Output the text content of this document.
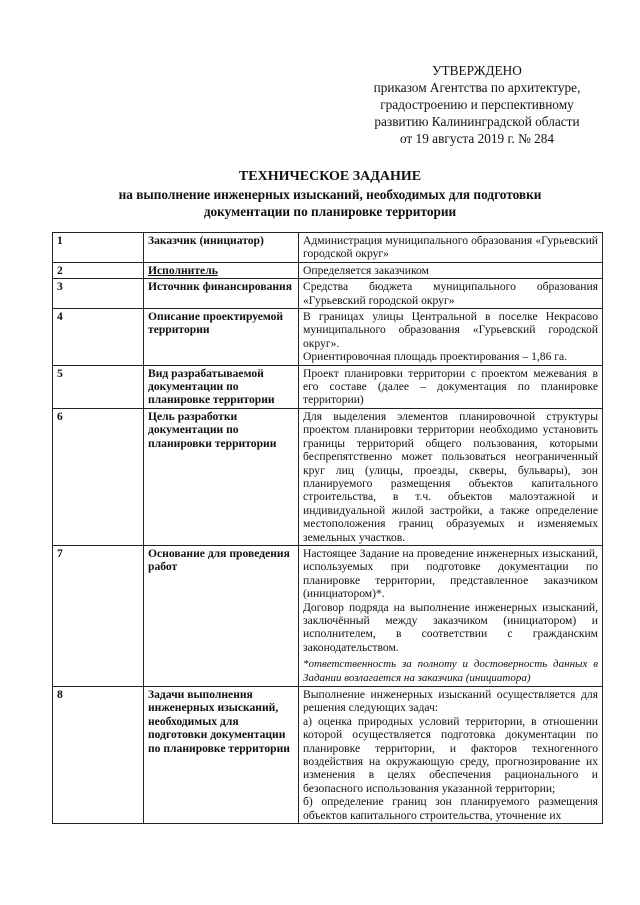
УТВЕРЖДЕНО
приказом Агентства по архитектуре,
градостроению и перспективному
развитию Калининградской области
от 19 августа 2019 г. № 284
ТЕХНИЧЕСКОЕ ЗАДАНИЕ
на выполнение инженерных изысканий, необходимых для подготовки
документации по планировке территории
1	Заказчик (инициатор)	Администрация муниципального образования «Гурьевский городской округ»

2	Исполнитель	Определяется заказчиком

3	Источник финансирования	Средства бюджета муниципального образования «Гурьевский городской округ»

4	Описание проектируемой территории	В границах улицы Центральной в поселке Некрасово муниципального образования «Гурьевский городской округ».

Ориентировочная площадь проектирования – 1,86 га.

5	Вид разрабатываемой документации по планировке территории	Проект планировки территории с проектом межевания в его составе (далее – документация по планировке территории)

6	Цель разработки документации по планировки территории	Для выделения элементов планировочной структуры проектом планировки территории необходимо установить границы территорий общего пользования, которыми беспрепятственно может пользоваться неограниченный круг лиц (улицы, проезды, скверы, бульвары), зон планируемого размещения объектов капитального строительства, в т.ч. объектов малоэтажной и индивидуальной жилой застройки, а также определение местоположения границ образуемых и изменяемых земельных участков.

7	Основание для проведения работ	Настоящее Задание на проведение инженерных изысканий, используемых при подготовке документации по планировке территории, представленное заказчиком (инициатором)*.

Договор подряда на выполнение инженерных изысканий, заключённый между заказчиком (инициатором) и исполнителем, в соответствии с гражданским законодательством.

*ответственность за полноту и достоверность данных в Задании возлагается на заказчика (инициатора)

8	Задачи выполнения инженерных изысканий, необходимых для подготовки документации по планировке территории	Выполнение инженерных изысканий осуществляется для решения следующих задач:

а) оценка природных условий территории, в отношении которой осуществляется подготовка документации по планировке территории, и факторов техногенного воздействия на окружающую среду, прогнозирование их изменения в целях обеспечения рационального и безопасного использования указанной территории;

б) определение границ зон планируемого размещения объектов капитального строительства, уточнение их
